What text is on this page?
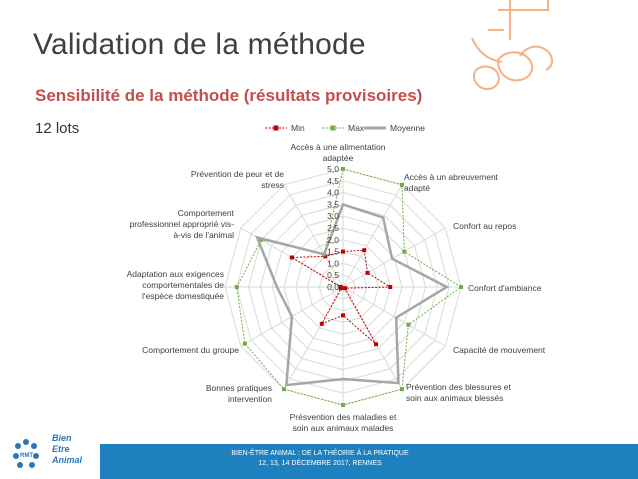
Validation de la méthode
Sensibilité de la méthode (résultats provisoires)
12 lots	Min	Max	Moyenne
0,0
0,5
1,0
1,5
2,0
2,5
3,0
3,5
4,0
4,5
5,0
Accès à une alimentation adaptée
Accès à un abreuvement adapté
Confort au repos
Confort d'ambiance
Capacité de mouvement
Prévention des blessures et soin aux animaux blessés
Présvention des maladies et soin aux animaux malades
Bonnes pratiques intervention
Comportement du groupe
Adaptation aux exigences comportementales de l'espèce domestiquée
Comportement professionnel approprié vis-à-vis de l'animal
Prévention de peur et de stress
BIEN-ÊTRE ANIMAL : DE LA THÉORIE À LA PRATIQUE
12, 13, 14 DÉCEMBRE 2017, RENNES
RMT
Bien
Etre
Animal
